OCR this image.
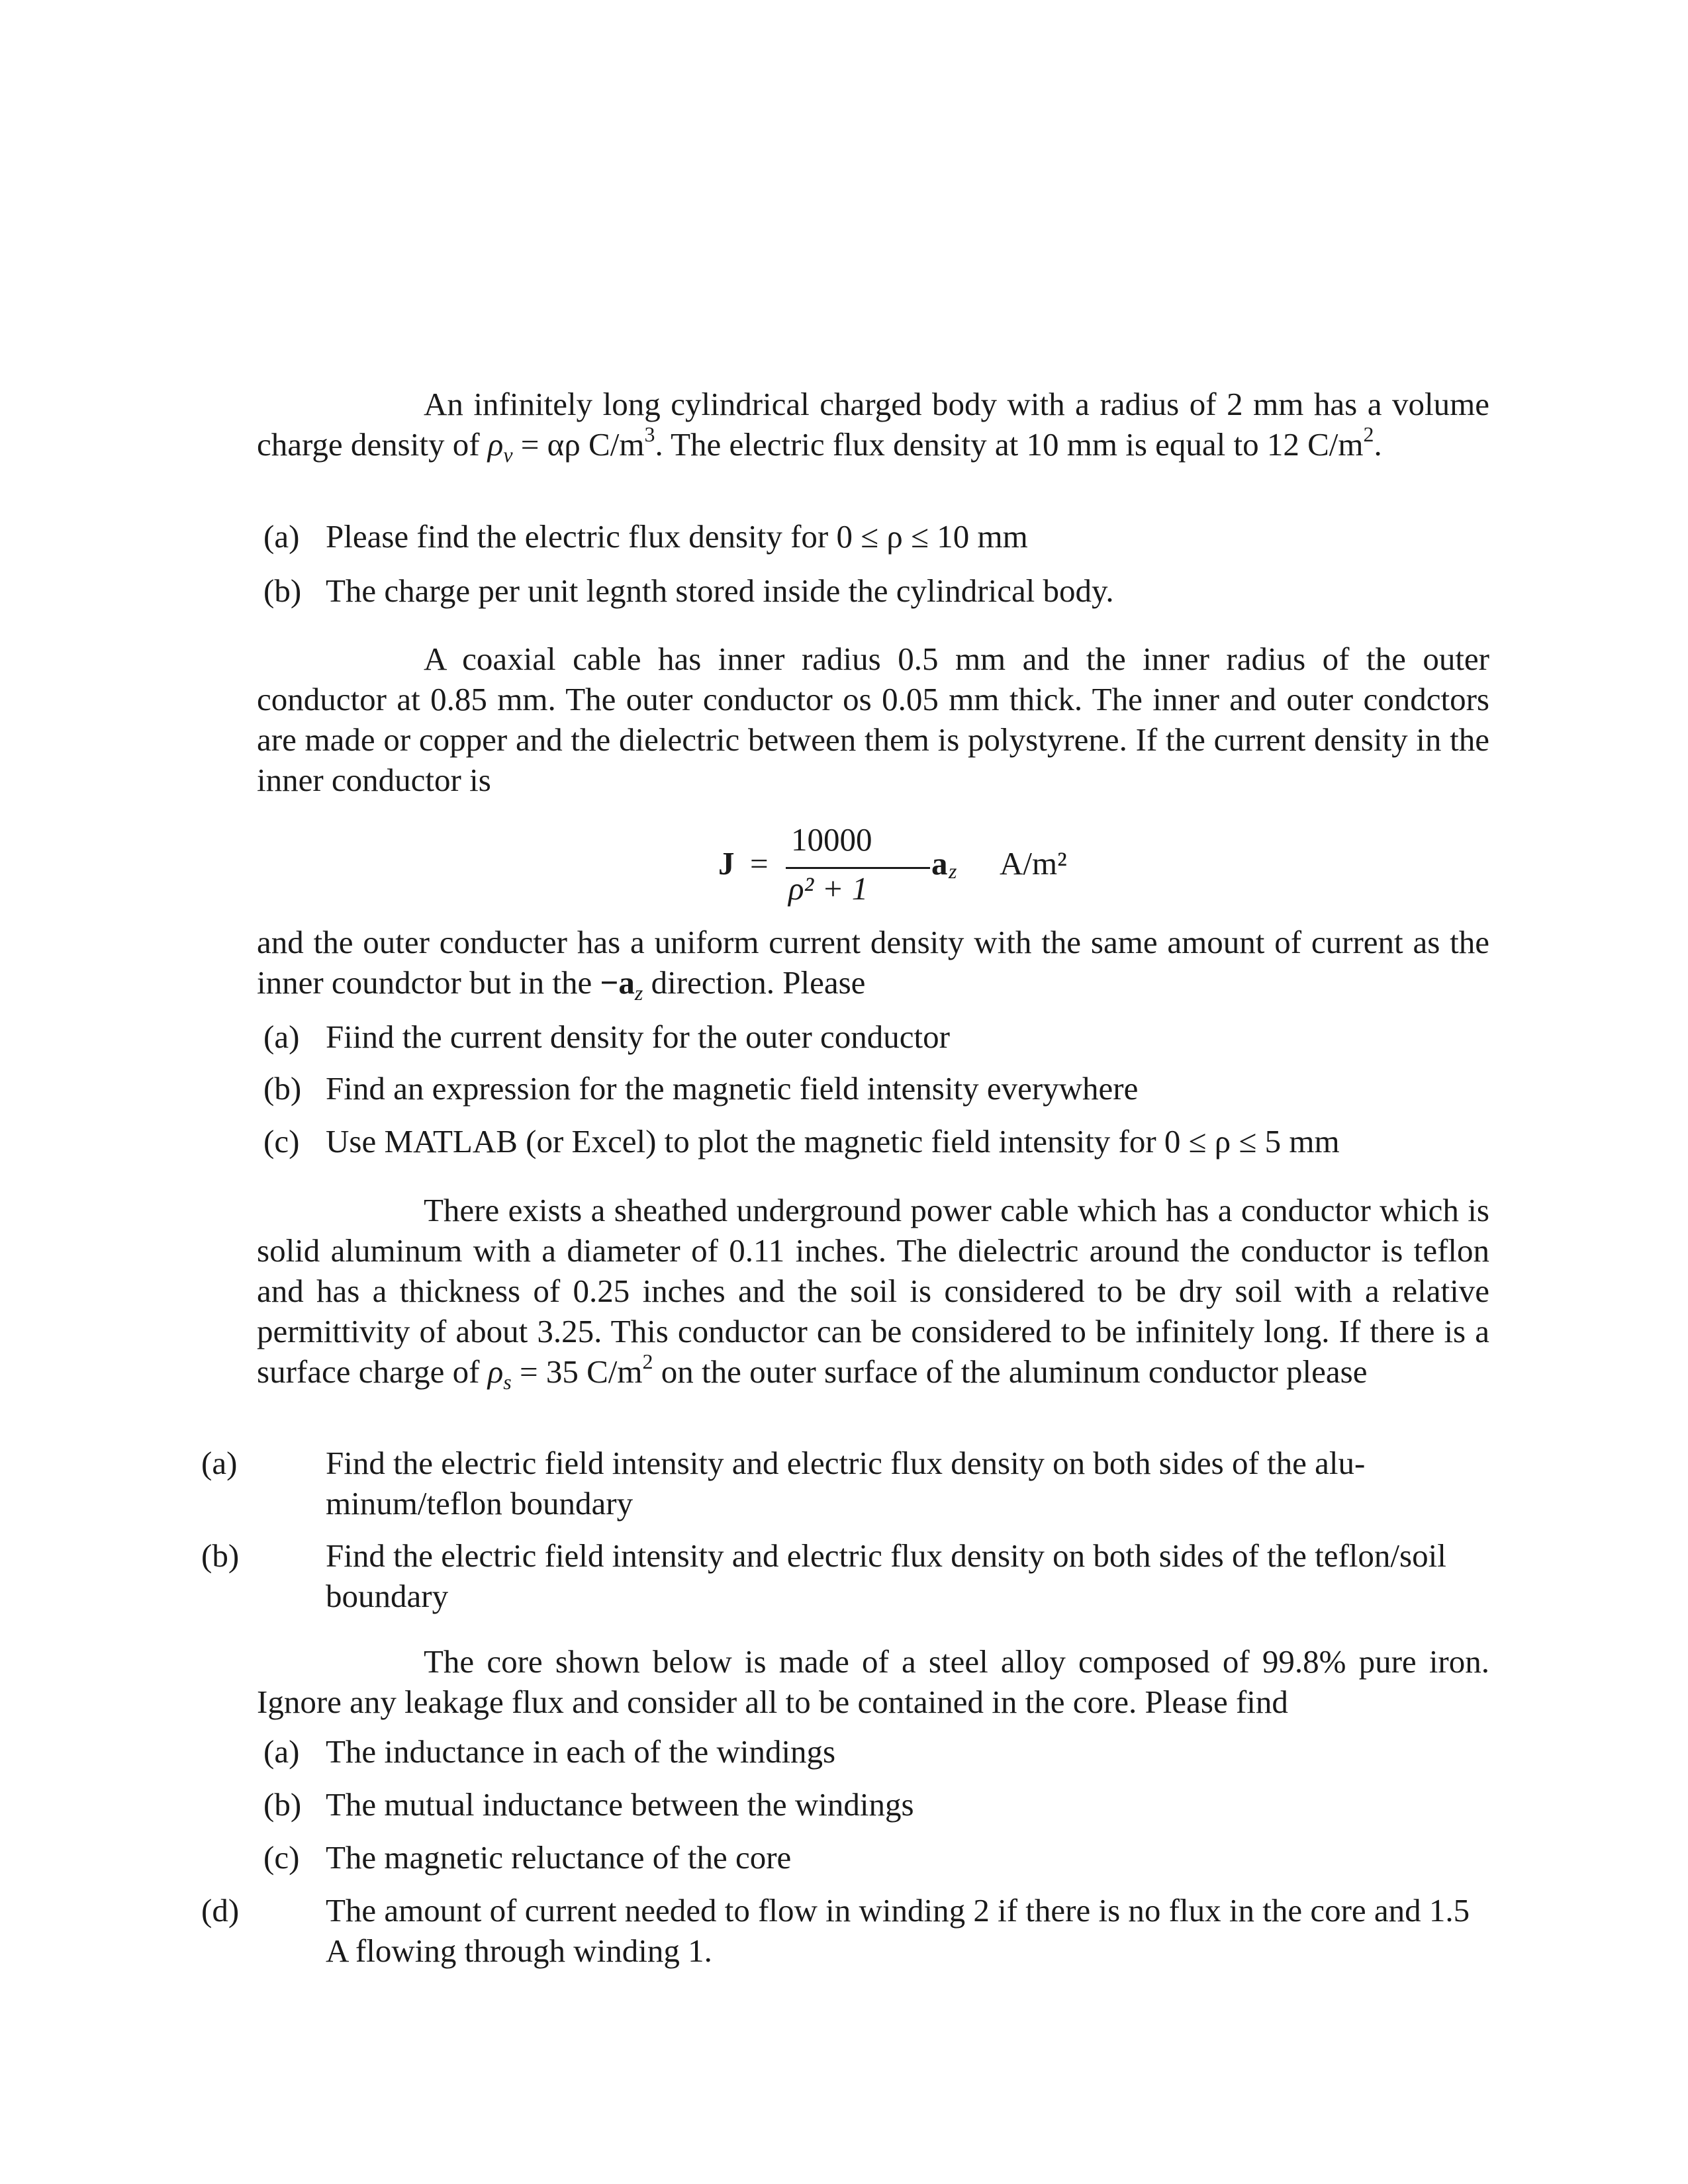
An infinitely long cylindrical charged body with a radius of 2 mm has a volume charge density of $\rho_v = \alpha\rho$ $C/m^3$. The electric flux density at 10 mm is equal to 12 $C/m^2$.

(a) Please find the electric flux density for 0 ≤ ρ ≤ 10 mm

(b) The charge per unit legnth stored inside the cylindrical body.

A coaxial cable has inner radius 0.5 mm and the inner radius of the outer conductor at 0.85 mm. The outer conductor os 0.05 mm thick. The inner and outer condctors are made or copper and the dielectric between them is polystyrene. If the current density in the inner conductor is

J =
10000
ρ² + 1
a z A/m²

and the outer conducter has a uniform current density with the same amount of current as the inner coundctor but in the $-a_z$ direction. Please

(a) Fiind the current density for the outer conductor

(b) Find an expression for the magnetic field intensity everywhere

(c) Use MATLAB (or Excel) to plot the magnetic field intensity for 0 ≤ ρ ≤ 5 mm

There exists a sheathed underground power cable which has a conductor which is solid aluminum with a diameter of 0.11 inches. The dielectric around the conductor is teflon and has a thickness of 0.25 inches and the soil is considered to be dry soil with a relative permittivity of about 3.25. This conductor can be considered to be infinitely long. If there is a surface charge of $\rho_s = 35$ $C/m^2$ on the outer surface of the aluminum conductor please

(a)	Find the electric field intensity and electric flux density on both sides of the alu-minum/teflon boundary

(b)	Find the electric field intensity and electric flux density on both sides of the teflon/soil boundary

The core shown below is made of a steel alloy composed of 99.8% pure iron. Ignore any leakage flux and consider all to be contained in the core. Please find

(a) The inductance in each of the windings

(b) The mutual inductance between the windings

(c) The magnetic reluctance of the core

(d)	The amount of current needed to flow in winding 2 if there is no flux in the core and 1.5 A flowing through winding 1.
